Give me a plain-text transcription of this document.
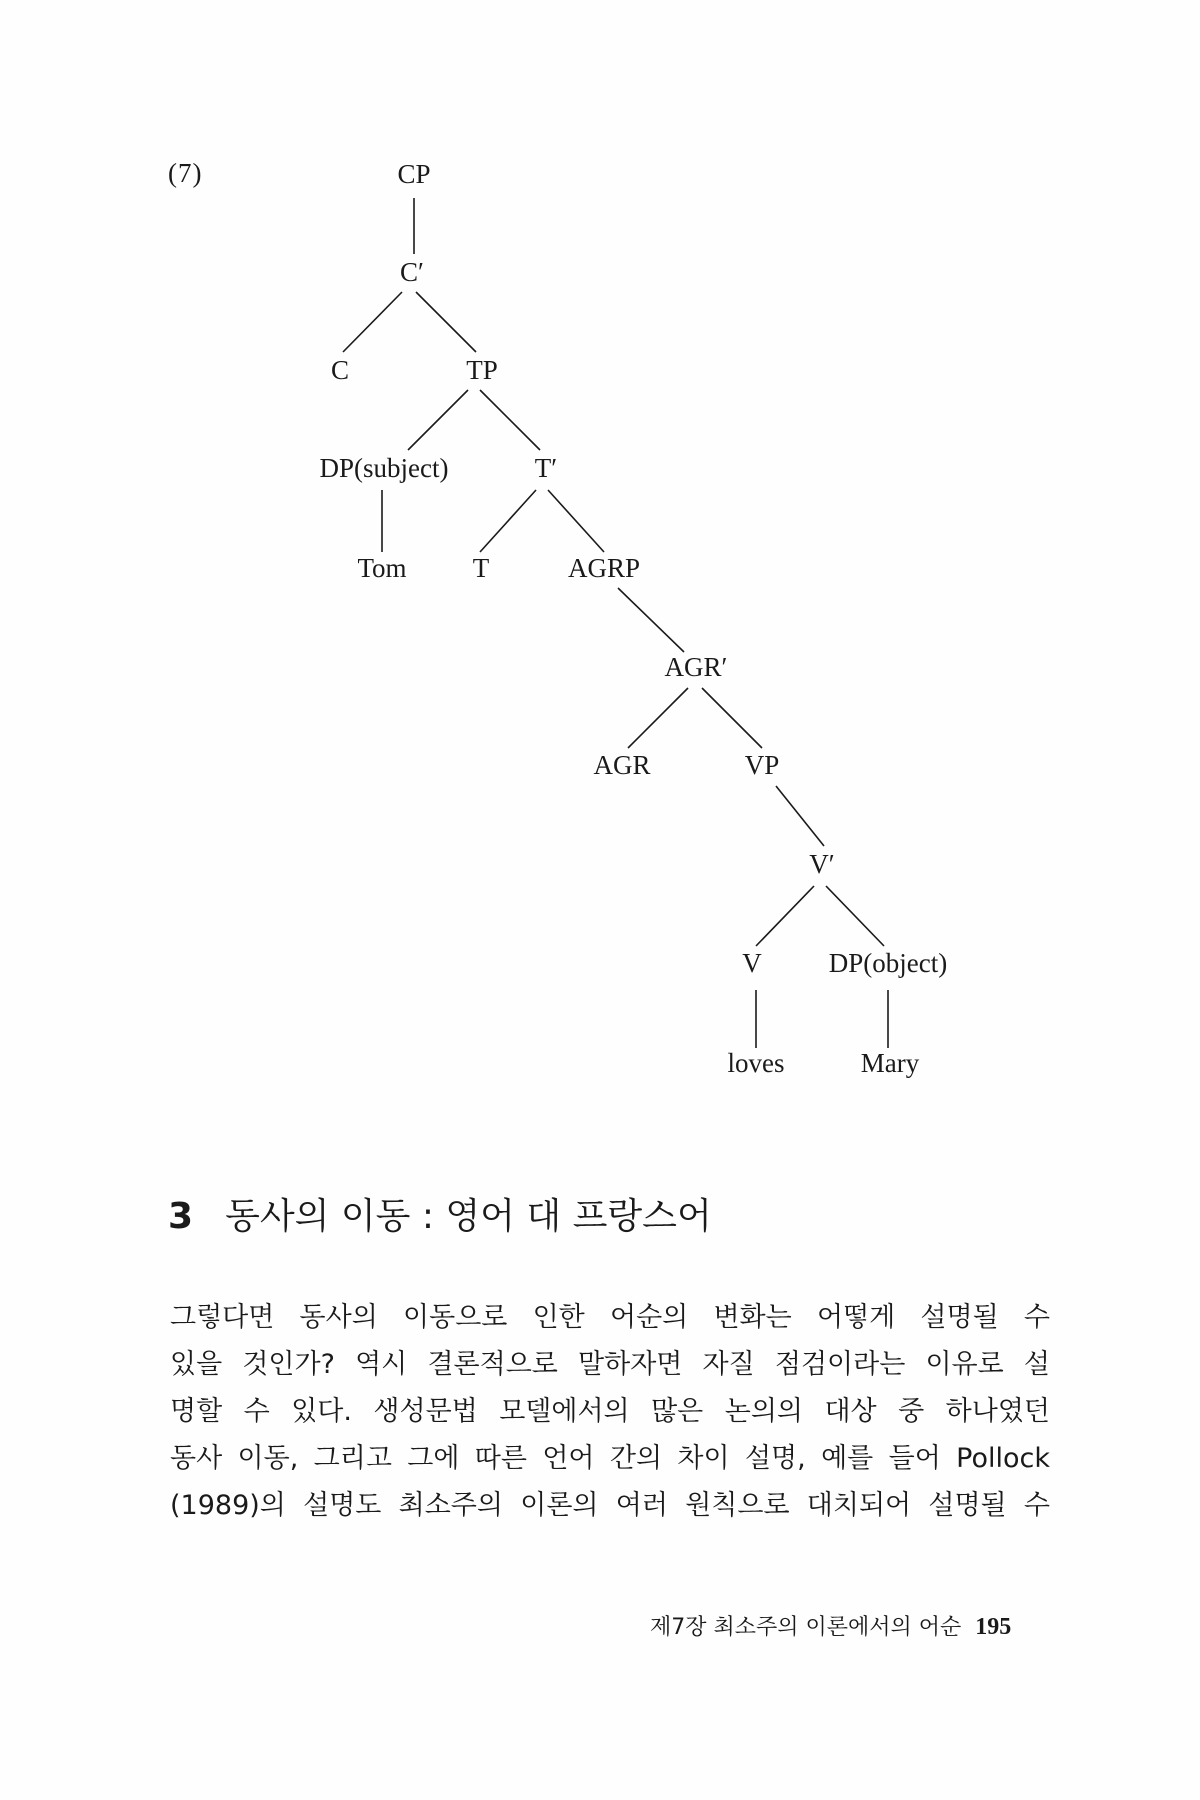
(7)	CP
C′
C	TP
DP(subject)	T′
Tom T	AGRP
AGR′
AGR	VP
V′
V DP(object)
loves	Mary
3 동사의 이동 : 영어 대 프랑스어

그렇다면 동사의 이동으로 인한 어순의 변화는 어떻게 설명될 수
있을 것인가? 역시 결론적으로 말하자면 자질 점검이라는 이유로 설
명할 수 있다. 생성문법 모델에서의 많은 논의의 대상 중 하나였던
동사 이동, 그리고 그에 따른 언어 간의 차이 설명, 예를 들어 Pollock
(1989)의 설명도 최소주의 이론의 여러 원칙으로 대치되어 설명될 수

제7장 최소주의 이론에서의 어순 195
